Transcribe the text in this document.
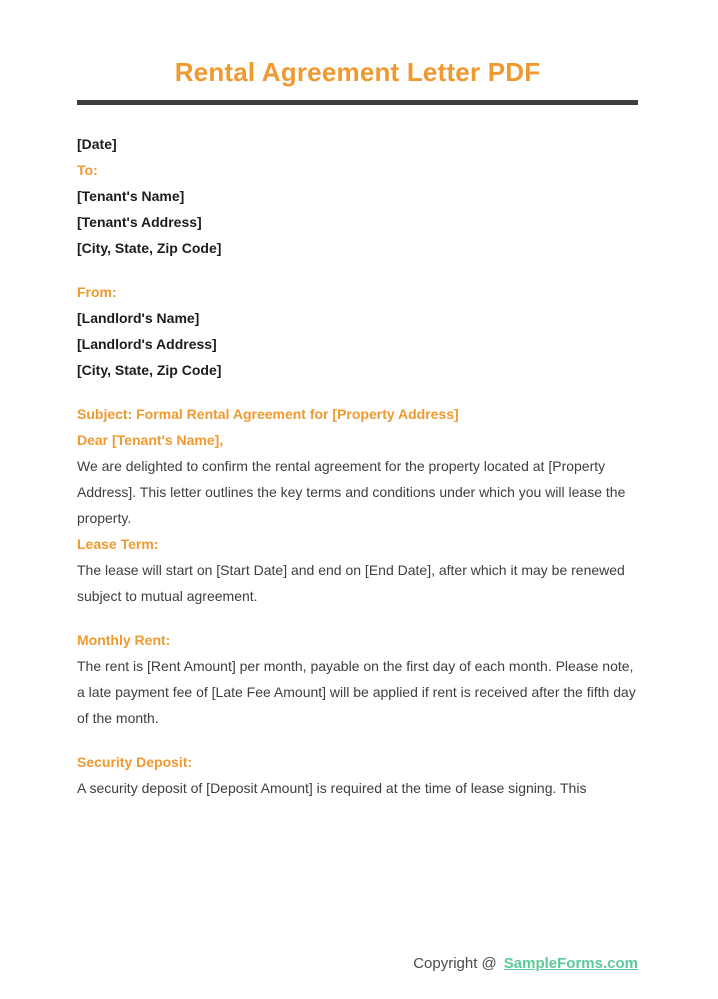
Rental Agreement Letter PDF

[Date]

To:

[Tenant's Name]

[Tenant's Address]

[City, State, Zip Code]

From:

[Landlord's Name]

[Landlord's Address]

[City, State, Zip Code]

Subject: Formal Rental Agreement for [Property Address]

Dear [Tenant's Name],

We are delighted to confirm the rental agreement for the property located at [Property Address]. This letter outlines the key terms and conditions under which you will lease the property.

Lease Term:

The lease will start on [Start Date] and end on [End Date], after which it may be renewed subject to mutual agreement.

Monthly Rent:

The rent is [Rent Amount] per month, payable on the first day of each month. Please note, a late payment fee of [Late Fee Amount] will be applied if rent is received after the fifth day of the month.

Security Deposit:

A security deposit of [Deposit Amount] is required at the time of lease signing. This

Copyright @ SampleForms.com
